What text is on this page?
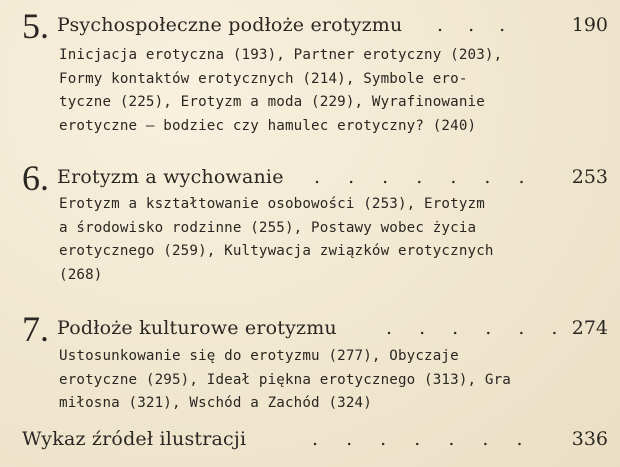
5. Psychospołeczne podłoże erotyzmu . . .	190
Inicjacja erotyczna (193), Partner erotyczny (203),
Formy kontaktów erotycznych (214), Symbole ero-
tyczne (225), Erotyzm a moda (229), Wyrafinowanie
erotyczne — bodziec czy hamulec erotyczny? (240)
6. Erotyzm a wychowanie . . . . . . . 253
Erotyzm a kształtowanie osobowości (253), Erotyzm
a środowisko rodzinne (255), Postawy wobec życia
erotycznego (259), Kultywacja związków erotycznych
(268)
7. Podłoże kulturowe erotyzmu	. . . . . . 274
Ustosunkowanie się do erotyzmu (277), Obyczaje
erotyczne (295), Ideał piękna erotycznego (313), Gra
miłosna (321), Wschód a Zachód (324)
Wykaz źródeł ilustracji	. . . . . . .	336
